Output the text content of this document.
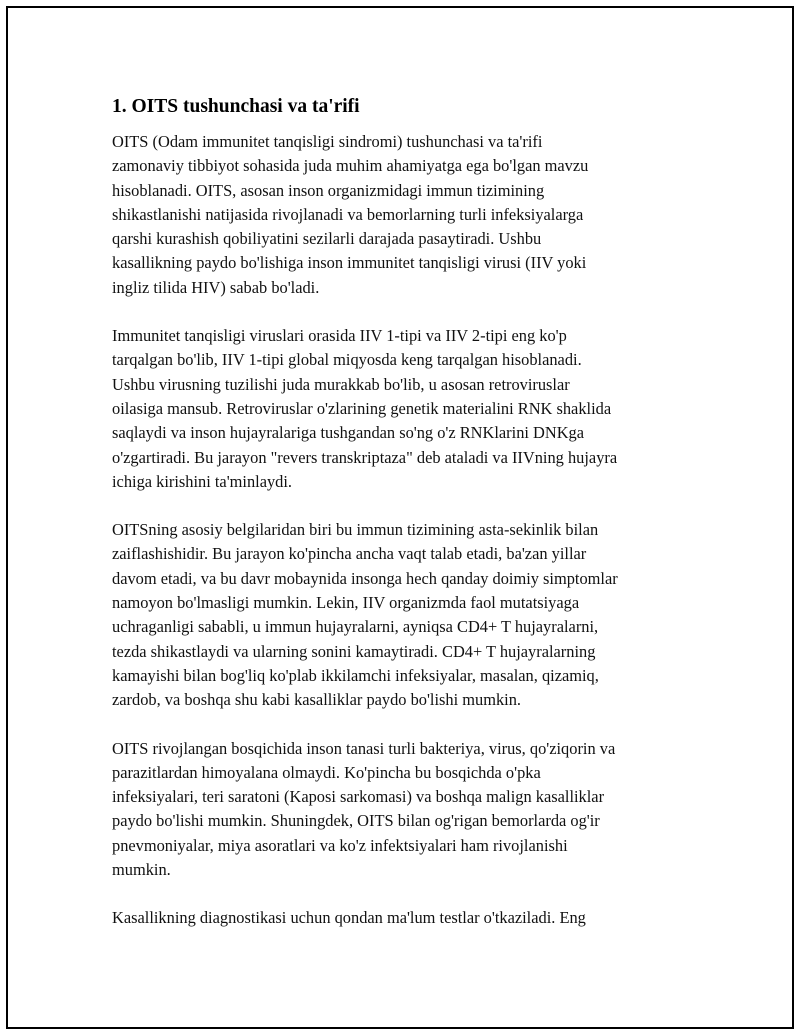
1. OITS tushunchasi va ta'rifi

OITS (Odam immunitet tanqisligi sindromi) tushunchasi va ta'rifi
zamonaviy tibbiyot sohasida juda muhim ahamiyatga ega bo'lgan mavzu
hisoblanadi. OITS, asosan inson organizmidagi immun tizimining
shikastlanishi natijasida rivojlanadi va bemorlarning turli infeksiyalarga
qarshi kurashish qobiliyatini sezilarli darajada pasaytiradi. Ushbu
kasallikning paydo bo'lishiga inson immunitet tanqisligi virusi (IIV yoki
ingliz tilida HIV) sabab bo'ladi.

Immunitet tanqisligi viruslari orasida IIV 1-tipi va IIV 2-tipi eng ko'p
tarqalgan bo'lib, IIV 1-tipi global miqyosda keng tarqalgan hisoblanadi.
Ushbu virusning tuzilishi juda murakkab bo'lib, u asosan retroviruslar
oilasiga mansub. Retroviruslar o'zlarining genetik materialini RNK shaklida
saqlaydi va inson hujayralariga tushgandan so'ng o'z RNKlarini DNKga
o'zgartiradi. Bu jarayon "revers transkriptaza" deb ataladi va IIVning hujayra
ichiga kirishini ta'minlaydi.

OITSning asosiy belgilaridan biri bu immun tizimining asta-sekinlik bilan
zaiflashishidir. Bu jarayon ko'pincha ancha vaqt talab etadi, ba'zan yillar
davom etadi, va bu davr mobaynida insonga hech qanday doimiy simptomlar
namoyon bo'lmasligi mumkin. Lekin, IIV organizmda faol mutatsiyaga
uchraganligi sababli, u immun hujayralarni, ayniqsa CD4+ T hujayralarni,
tezda shikastlaydi va ularning sonini kamaytiradi. CD4+ T hujayralarning
kamayishi bilan bog'liq ko'plab ikkilamchi infeksiyalar, masalan, qizamiq,
zardob, va boshqa shu kabi kasalliklar paydo bo'lishi mumkin.

OITS rivojlangan bosqichida inson tanasi turli bakteriya, virus, qo'ziqorin va
parazitlardan himoyalana olmaydi. Ko'pincha bu bosqichda o'pka
infeksiyalari, teri saratoni (Kaposi sarkomasi) va boshqa malign kasalliklar
paydo bo'lishi mumkin. Shuningdek, OITS bilan og'rigan bemorlarda og'ir
pnevmoniyalar, miya asoratlari va ko'z infektsiyalari ham rivojlanishi
mumkin.

Kasallikning diagnostikasi uchun qondan ma'lum testlar o'tkaziladi. Eng
